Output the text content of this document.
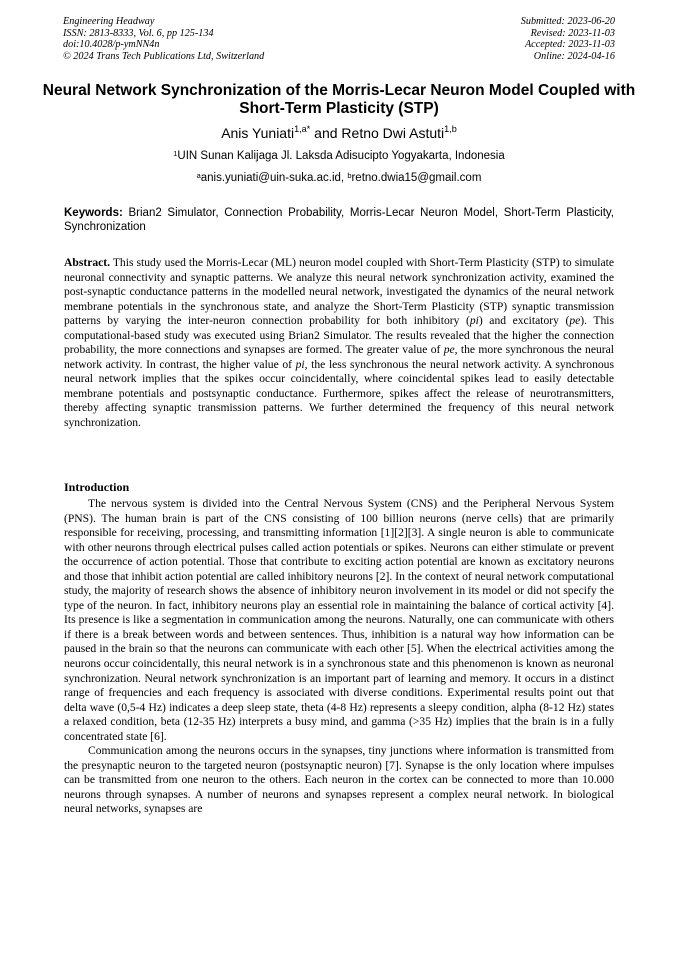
Engineering Headway
ISSN: 2813-8333, Vol. 6, pp 125-134
doi:10.4028/p-ymNN4n
© 2024 Trans Tech Publications Ltd, Switzerland
Submitted: 2023-06-20
Revised: 2023-11-03
Accepted: 2023-11-03
Online: 2024-04-16
Neural Network Synchronization of the Morris-Lecar Neuron Model Coupled with Short-Term Plasticity (STP)
Anis Yuniati$^{1,a*}$ and Retno Dwi Astuti$^{1,b}$
$^1$UIN Sunan Kalijaga Jl. Laksda Adisucipto Yogyakarta, Indonesia
$^a$anis.yuniati@uin-suka.ac.id, $^b$retno.dwia15@gmail.com
Keywords: Brian2 Simulator, Connection Probability, Morris-Lecar Neuron Model, Short-Term Plasticity, Synchronization
Abstract. This study used the Morris-Lecar (ML) neuron model coupled with Short-Term Plasticity (STP) to simulate neuronal connectivity and synaptic patterns. We analyze this neural network synchronization activity, examined the post-synaptic conductance patterns in the modelled neural network, investigated the dynamics of the neural network membrane potentials in the synchronous state, and analyze the Short-Term Plasticity (STP) synaptic transmission patterns by varying the inter-neuron connection probability for both inhibitory (pi) and excitatory (pe). This computational-based study was executed using Brian2 Simulator. The results revealed that the higher the connection probability, the more connections and synapses are formed. The greater value of pe, the more synchronous the neural network activity. In contrast, the higher value of pi, the less synchronous the neural network activity. A synchronous neural network implies that the spikes occur coincidentally, where coincidental spikes lead to easily detectable membrane potentials and postsynaptic conductance. Furthermore, spikes affect the release of neurotransmitters, thereby affecting synaptic transmission patterns. We further determined the frequency of this neural network synchronization.
Introduction

The nervous system is divided into the Central Nervous System (CNS) and the Peripheral Nervous System (PNS). The human brain is part of the CNS consisting of 100 billion neurons (nerve cells) that are primarily responsible for receiving, processing, and transmitting information [1][2][3]. A single neuron is able to communicate with other neurons through electrical pulses called action potentials or spikes. Neurons can either stimulate or prevent the occurrence of action potential. Those that contribute to exciting action potential are known as excitatory neurons and those that inhibit action potential are called inhibitory neurons [2]. In the context of neural network computational study, the majority of research shows the absence of inhibitory neuron involvement in its model or did not specify the type of the neuron. In fact, inhibitory neurons play an essential role in maintaining the balance of cortical activity [4]. Its presence is like a segmentation in communication among the neurons. Naturally, one can communicate with others if there is a break between words and between sentences. Thus, inhibition is a natural way how information can be paused in the brain so that the neurons can communicate with each other [5]. When the electrical activities among the neurons occur coincidentally, this neural network is in a synchronous state and this phenomenon is known as neuronal synchronization. Neural network synchronization is an important part of learning and memory. It occurs in a distinct range of frequencies and each frequency is associated with diverse conditions. Experimental results point out that delta wave (0,5-4 Hz) indicates a deep sleep state, theta (4-8 Hz) represents a sleepy condition, alpha (8-12 Hz) states a relaxed condition, beta (12-35 Hz) interprets a busy mind, and gamma (>35 Hz) implies that the brain is in a fully concentrated state [6].

Communication among the neurons occurs in the synapses, tiny junctions where information is transmitted from the presynaptic neuron to the targeted neuron (postsynaptic neuron) [7]. Synapse is the only location where impulses can be transmitted from one neuron to the others. Each neuron in the cortex can be connected to more than 10.000 neurons through synapses. A number of neurons and synapses represent a complex neural network. In biological neural networks, synapses are
